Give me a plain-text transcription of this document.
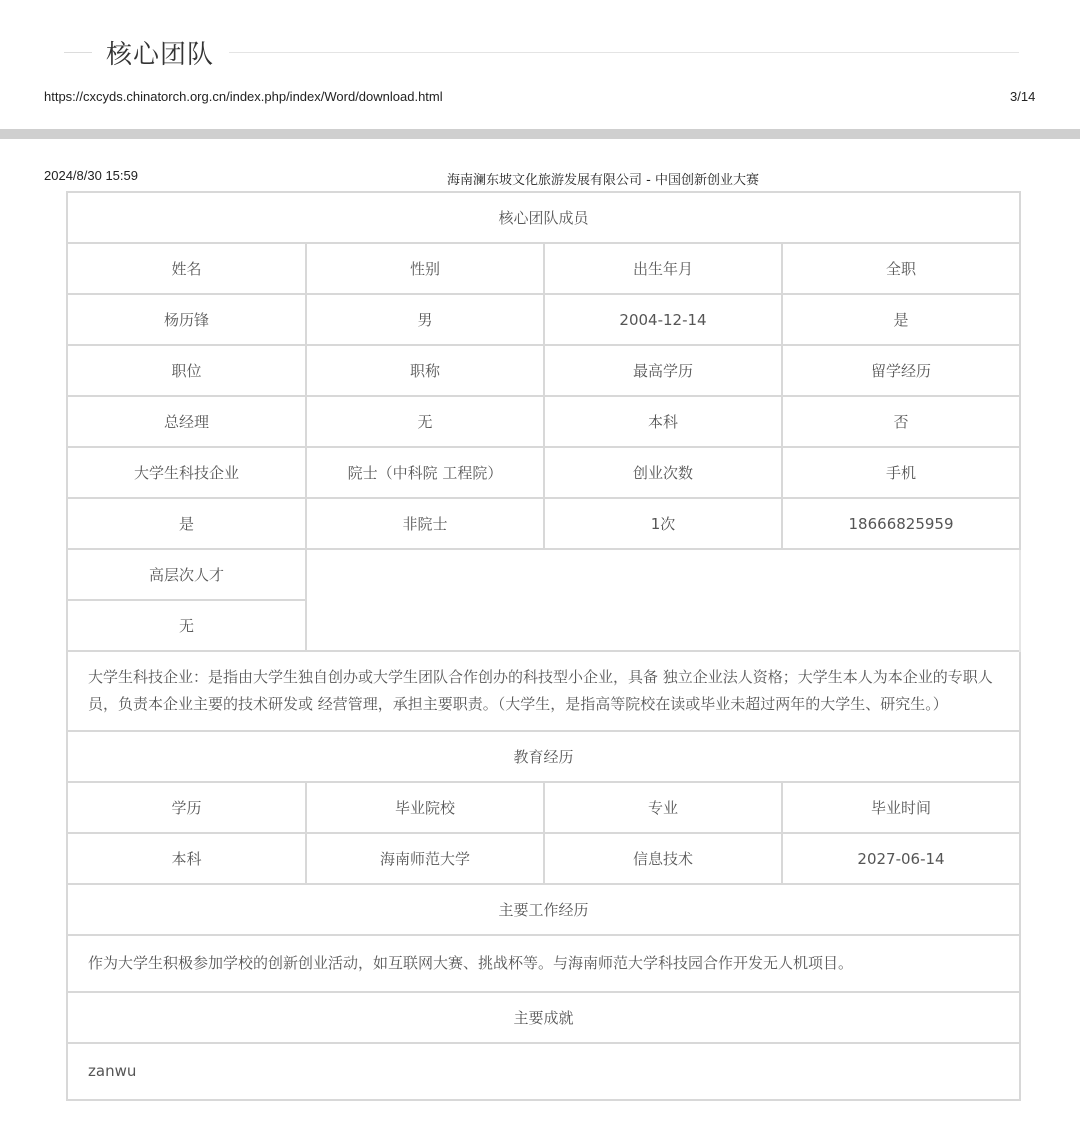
核心团队
https://cxcyds.chinatorch.org.cn/index.php/index/Word/download.html	3/14
2024/8/30 15:59	海南澜东坡文化旅游发展有限公司 - 中国创新创业大赛
核心团队成员			
姓名	性别	出生年月	全职
杨历锋	男	2004-12-14	是
职位	职称	最高学历	留学经历
总经理	无	本科	否
大学生科技企业	院士（中科院 工程院）	创业次数	手机
是	非院士	1次	18666825959
高层次人才			
无			
大学生科技企业：是指由大学生独自创办或大学生团队合作创办的科技型小企业，具备 独立企业法人资格；大学生本人为本企业的专职人员，负责本企业主要的技术研发或 经营管理，承担主要职责。（大学生，是指高等院校在读或毕业未超过两年的大学生、研究生。）			
教育经历			
学历	毕业院校	专业	毕业时间
本科	海南师范大学	信息技术	2027-06-14
主要工作经历			
作为大学生积极参加学校的创新创业活动，如互联网大赛、挑战杯等。与海南师范大学科技园合作开发无人机项目。			
主要成就			
zanwu			
